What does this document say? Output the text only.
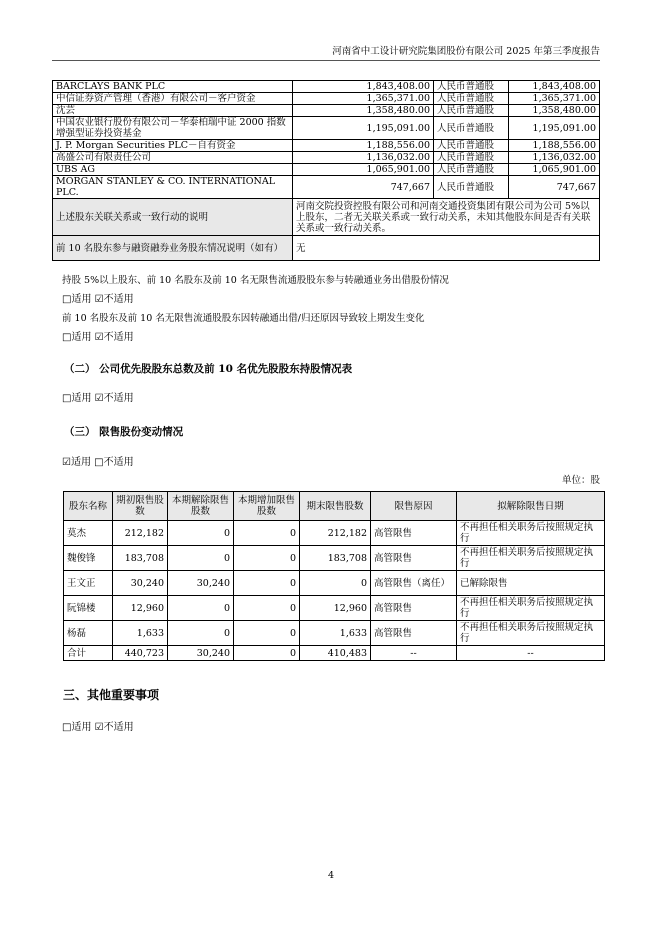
河南省中工设计研究院集团股份有限公司 2025 年第三季度报告
BARCLAYS BANK PLC	1,843,408.00	人民币普通股	1,843,408.00
中信证券资产管理（香港）有限公司－客户资金	1,365,371.00	人民币普通股	1,365,371.00
沈芸	1,358,480.00	人民币普通股	1,358,480.00
中国农业银行股份有限公司－华泰柏瑞中证 2000 指数增强型证券投资基金	1,195,091.00	人民币普通股	1,195,091.00
J. P. Morgan Securities PLC－自有资金	1,188,556.00	人民币普通股	1,188,556.00
高盛公司有限责任公司	1,136,032.00	人民币普通股	1,136,032.00
UBS AG	1,065,901.00	人民币普通股	1,065,901.00
MORGAN STANLEY & CO. INTERNATIONAL PLC.	747,667	人民币普通股	747,667
上述股东关联关系或一致行动的说明	河南交院投资控股有限公司和河南交通投资集团有限公司为公司 5%以上股东，二者无关联关系或一致行动关系，未知其他股东间是否有关联关系或一致行动关系。		
前 10 名股东参与融资融券业务股东情况说明（如有）	无		
持股 5%以上股东、前 10 名股东及前 10 名无限售流通股股东参与转融通业务出借股份情况
□适用 ☑不适用
前 10 名股东及前 10 名无限售流通股股东因转融通出借/归还原因导致较上期发生变化
□适用 ☑不适用
（二） 公司优先股股东总数及前 10 名优先股股东持股情况表
□适用 ☑不适用
（三） 限售股份变动情况
☑适用 □不适用
单位：股
股东名称	期初限售股数	本期解除限售股数	本期增加限售股数	期末限售股数	限售原因	拟解除限售日期
莫杰	212,182	0	0	212,182	高管限售	不再担任相关职务后按照规定执行
魏俊锋	183,708	0	0	183,708	高管限售	不再担任相关职务后按照规定执行
王文正	30,240	30,240	0	0	高管限售（离任）	已解除限售
阮锦楼	12,960	0	0	12,960	高管限售	不再担任相关职务后按照规定执行
杨磊	1,633	0	0	1,633	高管限售	不再担任相关职务后按照规定执行
合计	440,723	30,240	0	410,483	--	--
三、其他重要事项
□适用 ☑不适用
4
